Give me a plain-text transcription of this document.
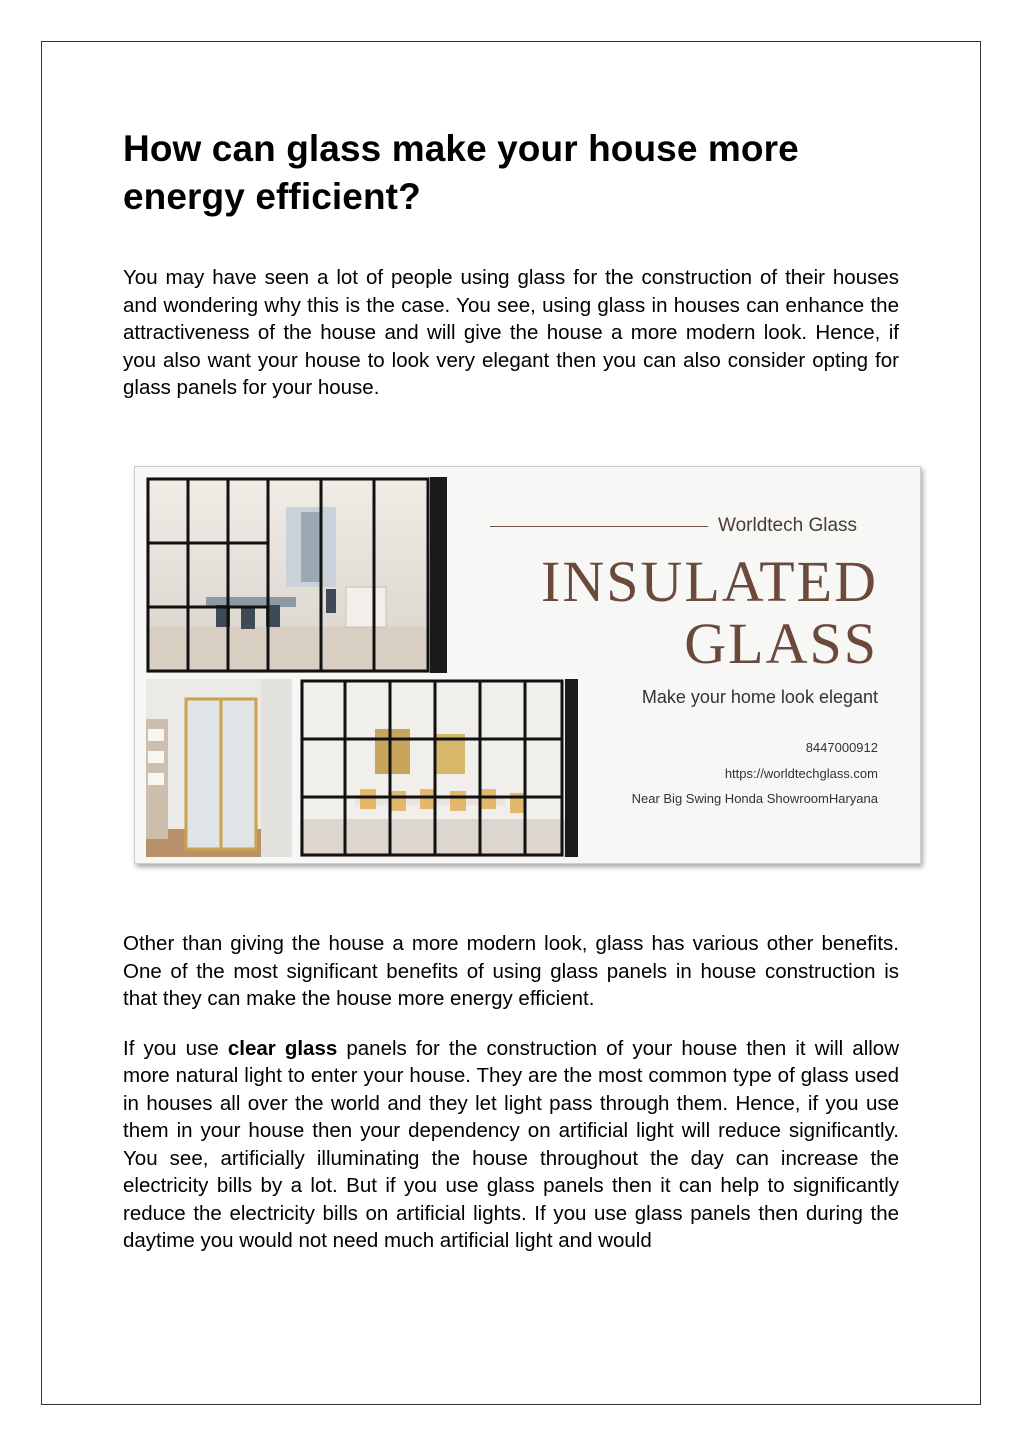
How can glass make your house more energy efficient?

You may have seen a lot of people using glass for the construction of their houses and wondering why this is the case. You see, using glass in houses can enhance the attractiveness of the house and will give the house a more modern look. Hence, if you also want your house to look very elegant then you can also consider opting for glass panels for your house.

Worldtech Glass
INSULATED
GLASS
Make your home look elegant
8447000912
https://worldtechglass.com
Near Big Swing Honda ShowroomHaryana

Other than giving the house a more modern look, glass has various other benefits. One of the most significant benefits of using glass panels in house construction is that they can make the house more energy efficient.

If you use clear glass panels for the construction of your house then it will allow more natural light to enter your house. They are the most common type of glass used in houses all over the world and they let light pass through them. Hence, if you use them in your house then your dependency on artificial light will reduce significantly. You see, artificially illuminating the house throughout the day can increase the electricity bills by a lot. But if you use glass panels then it can help to significantly reduce the electricity bills on artificial lights. If you use glass panels then during the daytime you would not need much artificial light and would
